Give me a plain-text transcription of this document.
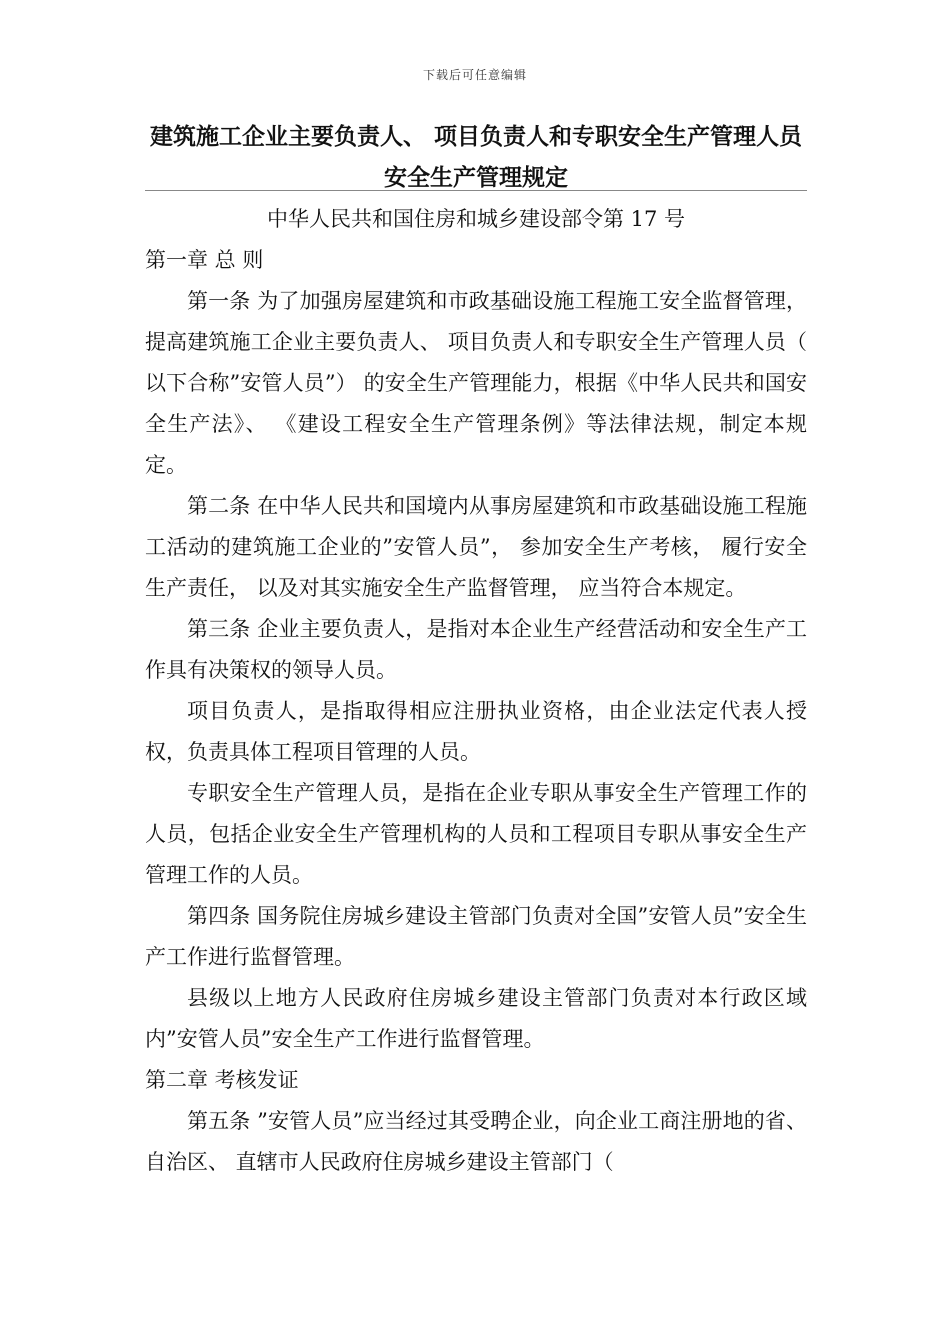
下载后可任意编辑
建筑施工企业主要负责人、 项目负责人和专职安全生产管理人员
安全生产管理规定
中华人民共和国住房和城乡建设部令第 17 号

第一章 总 则

第一条 为了加强房屋建筑和市政基础设施工程施工安全监督管理，提高建筑施工企业主要负责人、 项目负责人和专职安全生产管理人员（ 以下合称”安管人员”） 的安全生产管理能力，根据《中华人民共和国安全生产法》、 《建设工程安全生产管理条例》等法律法规，制定本规定。

第二条 在中华人民共和国境内从事房屋建筑和市政基础设施工程施工活动的建筑施工企业的”安管人员”， 参加安全生产考核， 履行安全生产责任， 以及对其实施安全生产监督管理， 应当符合本规定。

第三条 企业主要负责人，是指对本企业生产经营活动和安全生产工作具有决策权的领导人员。

项目负责人，是指取得相应注册执业资格，由企业法定代表人授权，负责具体工程项目管理的人员。

专职安全生产管理人员，是指在企业专职从事安全生产管理工作的人员，包括企业安全生产管理机构的人员和工程项目专职从事安全生产管理工作的人员。

第四条 国务院住房城乡建设主管部门负责对全国”安管人员”安全生产工作进行监督管理。

县级以上地方人民政府住房城乡建设主管部门负责对本行政区域内”安管人员”安全生产工作进行监督管理。

第二章 考核发证

第五条 ”安管人员”应当经过其受聘企业，向企业工商注册地的省、 自治区、 直辖市人民政府住房城乡建设主管部门（
